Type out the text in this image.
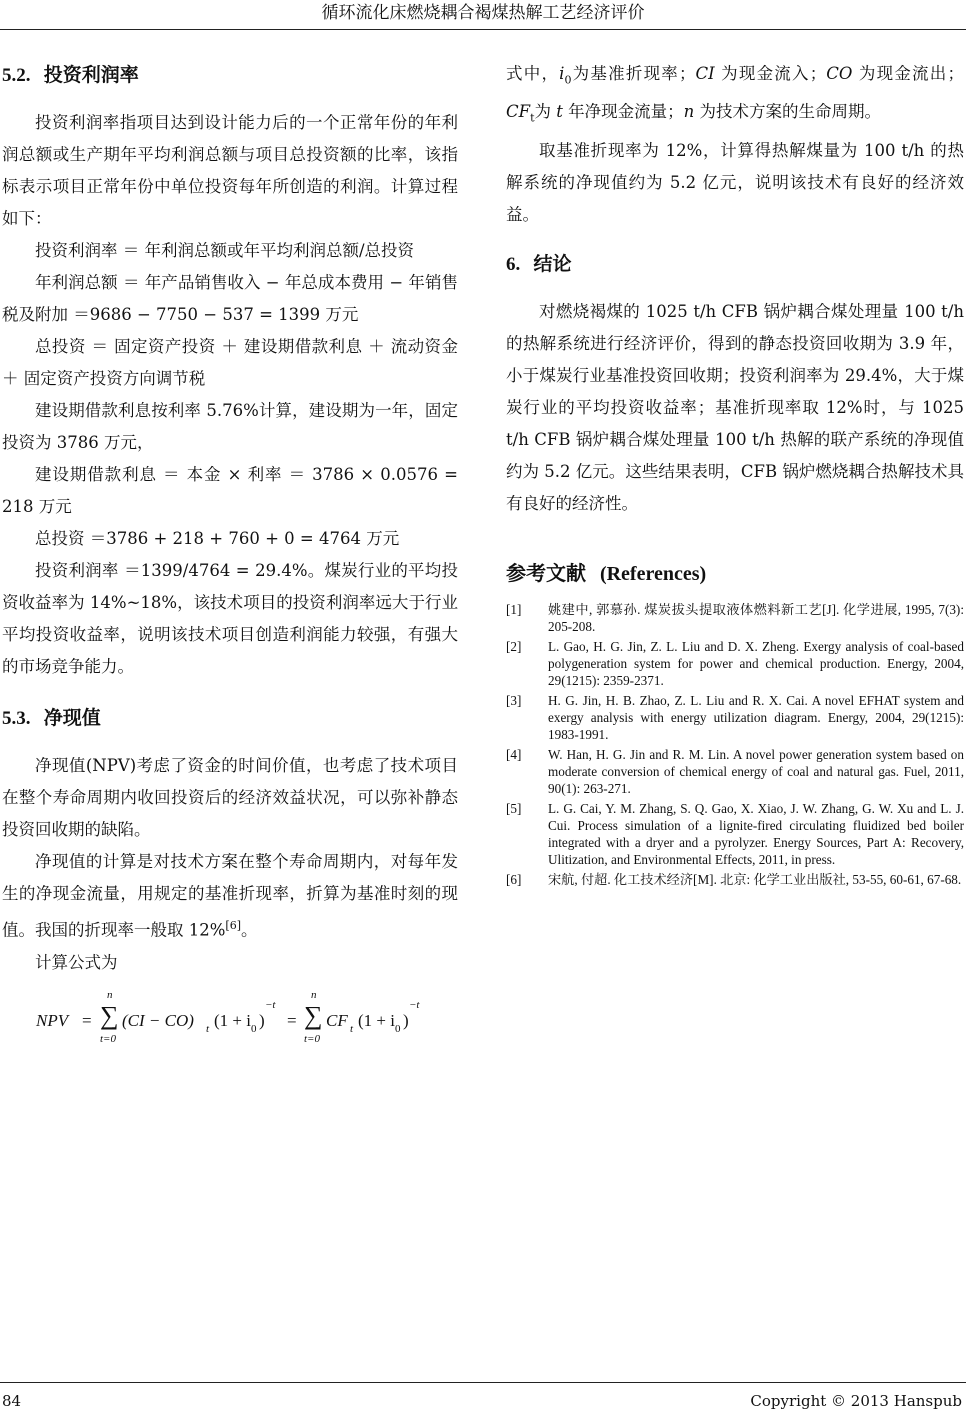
循环流化床燃烧耦合褐煤热解工艺经济评价
5.2. 投资利润率

投资利润率指项目达到设计能力后的一个正常年份的年利润总额或生产期年平均利润总额与项目总投资额的比率，该指标表示项目正常年份中单位投资每年所创造的利润。计算过程如下：

投资利润率 ＝ 年利润总额或年平均利润总额/总投资

年利润总额 ＝ 年产品销售收入 − 年总成本费用 − 年销售税及附加 ＝9686 − 7750 − 537 = 1399 万元

总投资 ＝ 固定资产投资 ＋ 建设期借款利息 ＋ 流动资金 ＋ 固定资产投资方向调节税

建设期借款利息按利率 5.76%计算，建设期为一年，固定投资为 3786 万元，

建设期借款利息 ＝ 本金 × 利率 ＝ 3786 × 0.0576 = 218 万元

总投资 ＝3786 + 218 + 760 + 0 = 4764 万元

投资利润率 ＝1399/4764 = 29.4%。煤炭行业的平均投资收益率为 14%~18%，该技术项目的投资利润率远大于行业平均投资收益率，说明该技术项目创造利润能力较强，有强大的市场竞争能力。

5.3. 净现值

净现值(NPV)考虑了资金的时间价值，也考虑了技术项目在整个寿命周期内收回投资后的经济效益状况，可以弥补静态投资回收期的缺陷。

净现值的计算是对技术方案在整个寿命周期内，对每年发生的净现金流量，用规定的基准折现率，折算为基准时刻的现值。我国的折现率一般取 12%[6]。

计算公式为

NPV =
n
∑
t=0
(CI − CO) t (1 + i 0 )
−t
=
n
∑
t=0
CF t (1 + i 0 )
−t

式中，$i_0$为基准折现率；CI 为现金流入；CO 为现金流出；$CF_t$为 t 年净现金流量；n 为技术方案的生命周期。

取基准折现率为 12%，计算得热解煤量为 100 t/h 的热解系统的净现值约为 5.2 亿元，说明该技术有良好的经济效益。

6. 结论

对燃烧褐煤的 1025 t/h CFB 锅炉耦合煤处理量 100 t/h 的热解系统进行经济评价，得到的静态投资回收期为 3.9 年，小于煤炭行业基准投资回收期；投资利润率为 29.4%，大于煤炭行业的平均投资收益率；基准折现率取 12%时，与 1025 t/h CFB 锅炉耦合煤处理量 100 t/h 热解的联产系统的净现值约为 5.2 亿元。这些结果表明，CFB 锅炉燃烧耦合热解技术具有良好的经济性。

参考文献 (References)
[1]	姚建中, 郭慕孙. 煤炭拔头提取液体燃料新工艺[J]. 化学进展, 1995, 7(3): 205-208.
[2]	L. Gao, H. G. Jin, Z. L. Liu and D. X. Zheng. Exergy analysis of coal-based polygeneration system for power and chemical production. Energy, 2004, 29(1215): 2359-2371.
[3]	H. G. Jin, H. B. Zhao, Z. L. Liu and R. X. Cai. A novel EFHAT system and exergy analysis with energy utilization diagram. Energy, 2004, 29(1215): 1983-1991.
[4]	W. Han, H. G. Jin and R. M. Lin. A novel power generation system based on moderate conversion of chemical energy of coal and natural gas. Fuel, 2011, 90(1): 263-271.
[5]	L. G. Cai, Y. M. Zhang, S. Q. Gao, X. Xiao, J. W. Zhang, G. W. Xu and L. J. Cui. Process simulation of a lignite-fired circulating fluidized bed boiler integrated with a dryer and a pyrolyzer. Energy Sources, Part A: Recovery, Ulitization, and Environmental Effects, 2011, in press.
[6]	宋航, 付超. 化工技术经济[M]. 北京: 化学工业出版社, 53-55, 60-61, 67-68.
84	Copyright © 2013 Hanspub
